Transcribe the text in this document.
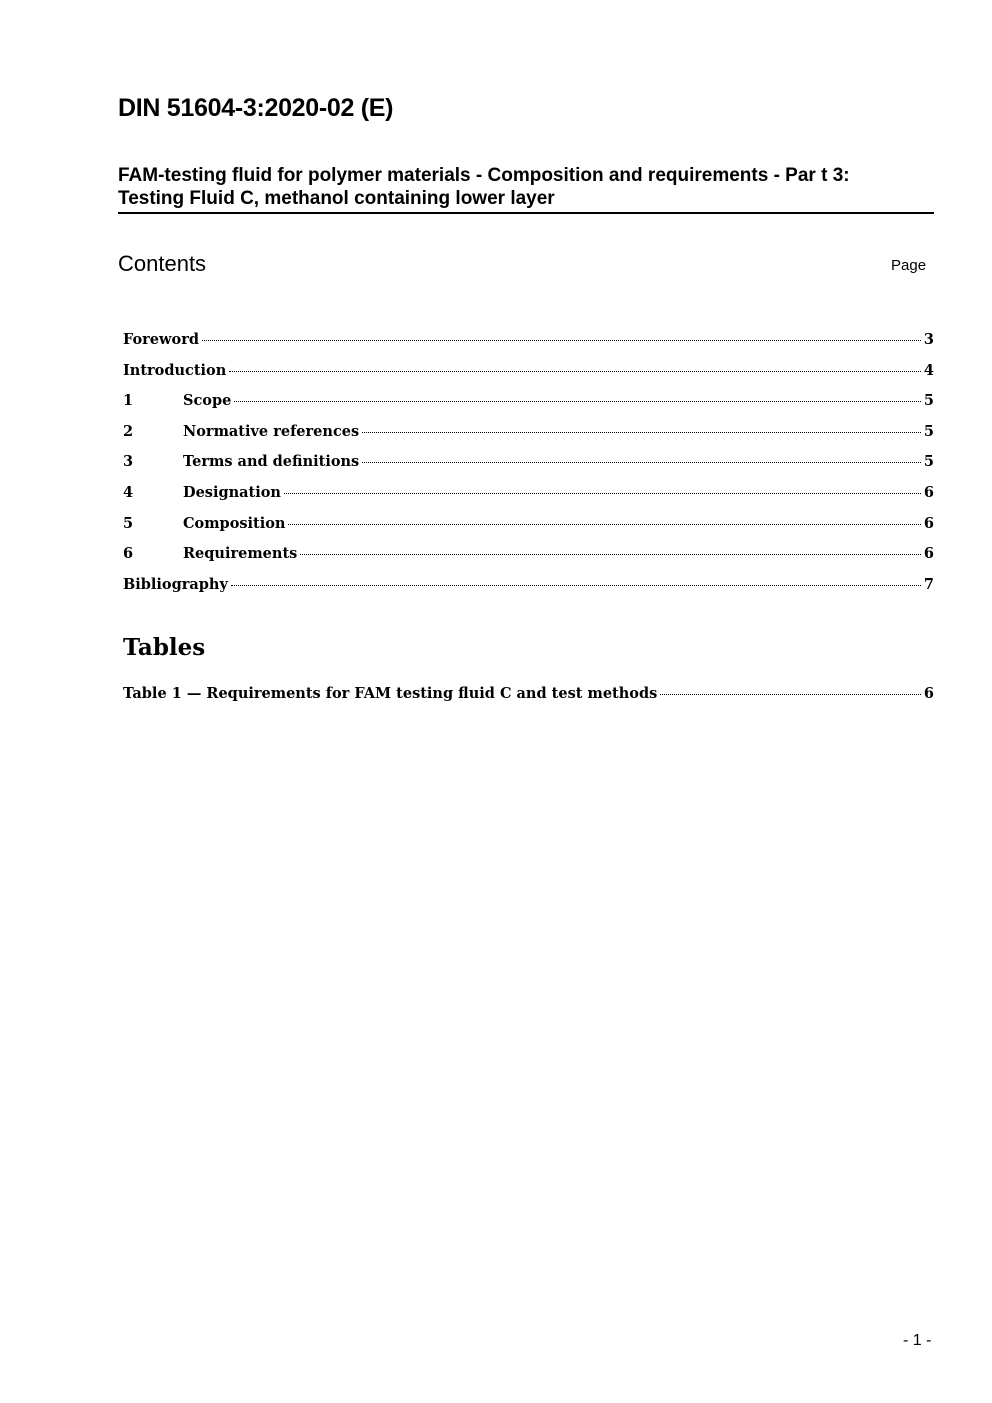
DIN 51604-3:2020-02 (E)
FAM-testing fluid for polymer materials - Composition and requirements - Par t 3:
Testing Fluid C, methanol containing lower layer
Contents	Page
Foreword	3
Introduction	4
1	Scope	5
2	Normative references	5
3	Terms and definitions	5
4	Designation	6
5	Composition	6
6	Requirements	6
Bibliography	7
Tables
Table 1 — Requirements for FAM testing fluid C and test methods	6
- 1 -
